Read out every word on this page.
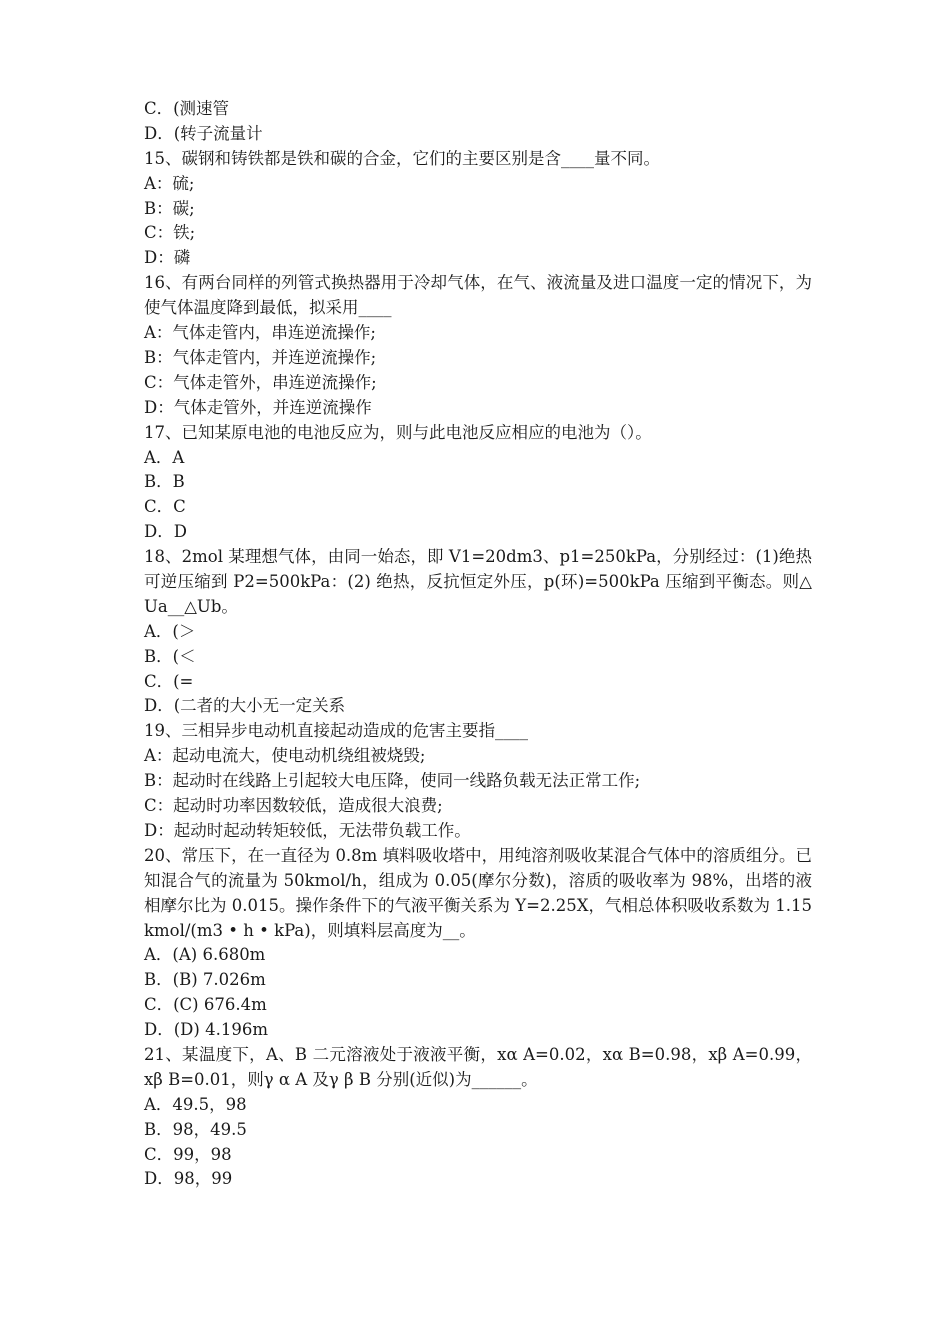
C．(测速管
D．(转子流量计
15、碳钢和铸铁都是铁和碳的合金，它们的主要区别是含____量不同。
A：硫;
B：碳;
C：铁;
D：磷
16、有两台同样的列管式换热器用于冷却气体，在气、液流量及进口温度一定的情况下，为使气体温度降到最低，拟采用____
A：气体走管内，串连逆流操作;
B：气体走管内，并连逆流操作;
C：气体走管外，串连逆流操作;
D：气体走管外，并连逆流操作
17、已知某原电池的电池反应为，则与此电池反应相应的电池为（）。
A．A
B．B
C．C
D．D
18、2mol 某理想气体，由同一始态，即 V1=20dm3、p1=250kPa，分别经过：(1)绝热可逆压缩到 P2=500kPa：(2) 绝热，反抗恒定外压，p(环)=500kPa 压缩到平衡态。则△Ua__△Ub。
A．(＞
B．(＜
C．(=
D．(二者的大小无一定关系
19、三相异步电动机直接起动造成的危害主要指____
A：起动电流大，使电动机绕组被烧毁;
B：起动时在线路上引起较大电压降，使同一线路负载无法正常工作;
C：起动时功率因数较低，造成很大浪费;
D：起动时起动转矩较低，无法带负载工作。
20、常压下，在一直径为 0.8m 填料吸收塔中，用纯溶剂吸收某混合气体中的溶质组分。已知混合气的流量为 50kmol/h，组成为 0.05(摩尔分数)，溶质的吸收率为 98%，出塔的液相摩尔比为 0.015。操作条件下的气液平衡关系为 Y=2.25X，气相总体积吸收系数为 1.15kmol/(m3 • h • kPa)，则填料层高度为__。
A．(A) 6.680m
B．(B) 7.026m
C．(C) 676.4m
D．(D) 4.196m
21、某温度下，A、B 二元溶液处于液液平衡，xα A=0.02，xα B=0.98，xβ A=0.99，xβ B=0.01，则γ α A 及γ β B 分别(近似)为______。
A．49.5，98
B．98，49.5
C．99，98
D．98，99
